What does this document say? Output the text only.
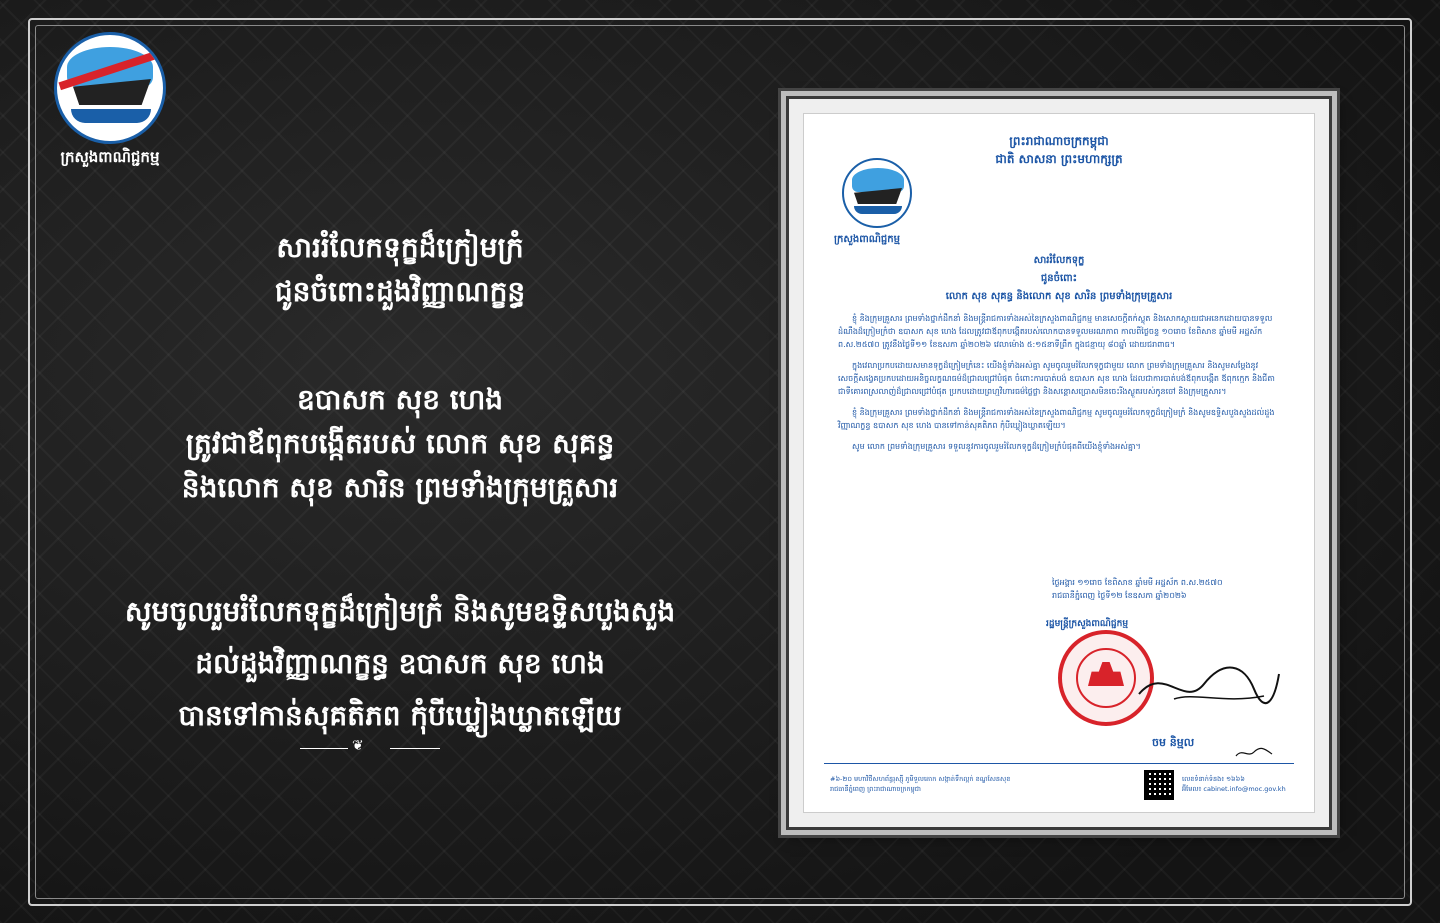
ក្រសួងពាណិជ្ជកម្ម
សាររំលែកទុក្ខដ៏ក្រៀមក្រំ
ជូនចំពោះដួងវិញ្ញាណក្ខន្ធ
ឧបាសក សុខ ហេង
ត្រូវជាឪពុកបង្កើតរបស់ លោក សុខ សុគន្ធ
និងលោក សុខ សារិន ព្រមទាំងក្រុមគ្រួសារ
សូមចូលរួមរំលែកទុក្ខដ៏ក្រៀមក្រំ និងសូមឧទ្ទិសបួងសួង
ដល់ដួងវិញ្ញាណក្ខន្ធ ឧបាសក សុខ ហេង
បានទៅកាន់សុគតិភព កុំបីឃ្លៀងឃ្លាតឡើយ
❦
ព្រះរាជាណាចក្រកម្ពុជា
ជាតិ សាសនា ព្រះមហាក្សត្រ
ក្រសួងពាណិជ្ជកម្ម
សាររំលែកទុក្ខ
ជូនចំពោះ
លោក សុខ សុគន្ធ និងលោក សុខ សារិន ព្រមទាំងក្រុមគ្រួសារ

ខ្ញុំ និងក្រុមគ្រួសារ ព្រមទាំងថ្នាក់ដឹកនាំ និងមន្ត្រីរាជការទាំងអស់នៃក្រសួងពាណិជ្ជកម្ម មានសេចក្តីតក់ស្លុត និងសោកស្តាយជាអនេកដោយបានទទួលដំណឹងដ៏ក្រៀមក្រំថា ឧបាសក សុខ ហេង ដែលត្រូវជាឪពុកបង្កើតរបស់លោកបានទទួលមរណភាព កាលពីថ្ងៃចន្ទ ១០រោច ខែពិសាខ ឆ្នាំមមី អដ្ឋស័ក ព.ស.២៥៧០ ត្រូវនឹងថ្ងៃទី១១ ខែឧសភា ឆ្នាំ២០២៦ វេលាម៉ោង ៥:១៥នាទីព្រឹក ក្នុងជន្មាយុ ៨០ឆ្នាំ ដោយជរាពាធ។

ក្នុងវេលាប្រកបដោយសមានទុក្ខដ៏ក្រៀមក្រំនេះ យើងខ្ញុំទាំងអស់គ្នា សូមចូលរួមរំលែកទុក្ខជាមួយ លោក ព្រមទាំងក្រុមគ្រួសារ និងសូមសម្តែងនូវសេចក្តីសង្វេគប្រកបដោយអនិច្ចលក្ខណធម៌ដ៏ជ្រាលជ្រៅបំផុត ចំពោះការបាត់បង់ ឧបាសក សុខ ហេង ដែលជាការបាត់បង់ឪពុកបង្កើត ឪពុកក្មេក និងជីតាជាទីគោរពស្រលាញ់ដ៏ជ្រាលជ្រៅបំផុត ប្រកបដោយព្រហ្មវិហារធម៌ថ្លៃថ្លា និងសន្តោសប្រោសមិនចេះរីងស្ងួតរបស់កូនចៅ និងក្រុមគ្រួសារ។

ខ្ញុំ និងក្រុមគ្រួសារ ព្រមទាំងថ្នាក់ដឹកនាំ និងមន្ត្រីរាជការទាំងអស់នៃក្រសួងពាណិជ្ជកម្ម សូមចូលរួមរំលែកទុក្ខដ៏ក្រៀមក្រំ និងសូមឧទ្ទិសបួងសួងដល់ដួងវិញ្ញាណក្ខន្ធ ឧបាសក សុខ ហេង បានទៅកាន់សុគតិភព កុំបីឃ្លៀងឃ្លាតឡើយ។

សូម លោក ព្រមទាំងក្រុមគ្រួសារ ទទួលនូវការចូលរួមរំលែកទុក្ខដ៏ក្រៀមក្រំបំផុតពីយើងខ្ញុំទាំងអស់គ្នា។

ថ្ងៃអង្គារ ១១រោច ខែពិសាខ ឆ្នាំមមី អដ្ឋស័ក ព.ស.២៥៧០
រាជធានីភ្នំពេញ ថ្ងៃទី១២ ខែឧសភា ឆ្នាំ២០២៦
រដ្ឋមន្ត្រីក្រសួងពាណិជ្ជកម្ម
ចម និម្មល
#៦-២០ មហាវិថីសហព័ន្ធរុស្ស៊ី ភូមិទួលគោក សង្កាត់ទឹកល្អក់ ខណ្ឌសែនសុខ
រាជធានីភ្នំពេញ ព្រះរាជាណាចក្រកម្ពុជា
លេខទំនាក់ទំនង៖ ១៦៦៦
អ៊ីមែល៖ cabinet.info@moc.gov.kh
